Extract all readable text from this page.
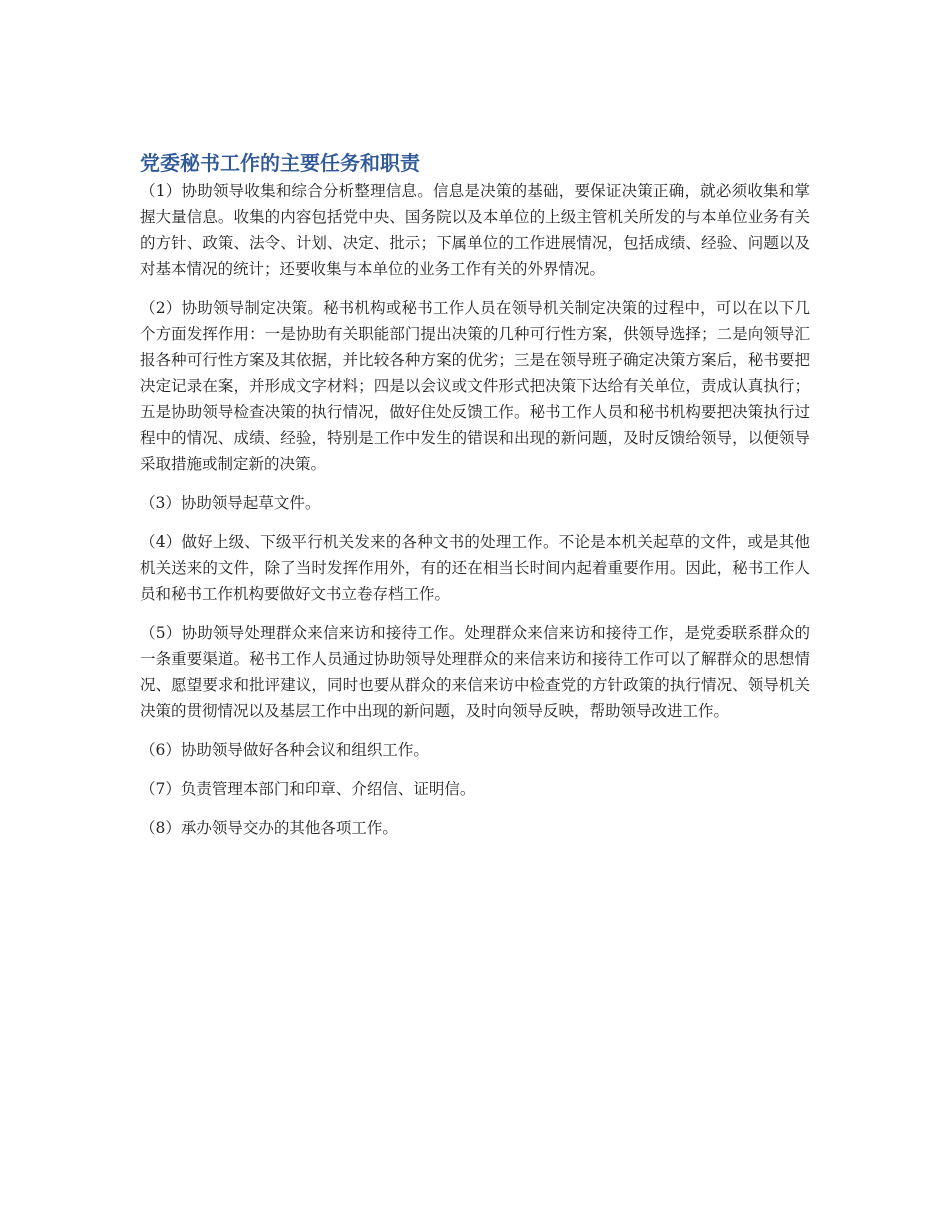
党委秘书工作的主要任务和职责

（1）协助领导收集和综合分析整理信息。信息是决策的基础，要保证决策正确，就必须收集和掌握大量信息。收集的内容包括党中央、国务院以及本单位的上级主管机关所发的与本单位业务有关的方针、政策、法令、计划、决定、批示；下属单位的工作进展情况，包括成绩、经验、问题以及对基本情况的统计；还要收集与本单位的业务工作有关的外界情况。

（2）协助领导制定决策。秘书机构或秘书工作人员在领导机关制定决策的过程中，可以在以下几个方面发挥作用：一是协助有关职能部门提出决策的几种可行性方案，供领导选择；二是向领导汇报各种可行性方案及其依据，并比较各种方案的优劣；三是在领导班子确定决策方案后，秘书要把决定记录在案，并形成文字材料；四是以会议或文件形式把决策下达给有关单位，责成认真执行；五是协助领导检查决策的执行情况，做好住处反馈工作。秘书工作人员和秘书机构要把决策执行过程中的情况、成绩、经验，特别是工作中发生的错误和出现的新问题，及时反馈给领导，以便领导采取措施或制定新的决策。

（3）协助领导起草文件。

（4）做好上级、下级平行机关发来的各种文书的处理工作。不论是本机关起草的文件，或是其他机关送来的文件，除了当时发挥作用外，有的还在相当长时间内起着重要作用。因此，秘书工作人员和秘书工作机构要做好文书立卷存档工作。

（5）协助领导处理群众来信来访和接待工作。处理群众来信来访和接待工作，是党委联系群众的一条重要渠道。秘书工作人员通过协助领导处理群众的来信来访和接待工作可以了解群众的思想情况、愿望要求和批评建议，同时也要从群众的来信来访中检查党的方针政策的执行情况、领导机关决策的贯彻情况以及基层工作中出现的新问题，及时向领导反映，帮助领导改进工作。

（6）协助领导做好各种会议和组织工作。

（7）负责管理本部门和印章、介绍信、证明信。

（8）承办领导交办的其他各项工作。
